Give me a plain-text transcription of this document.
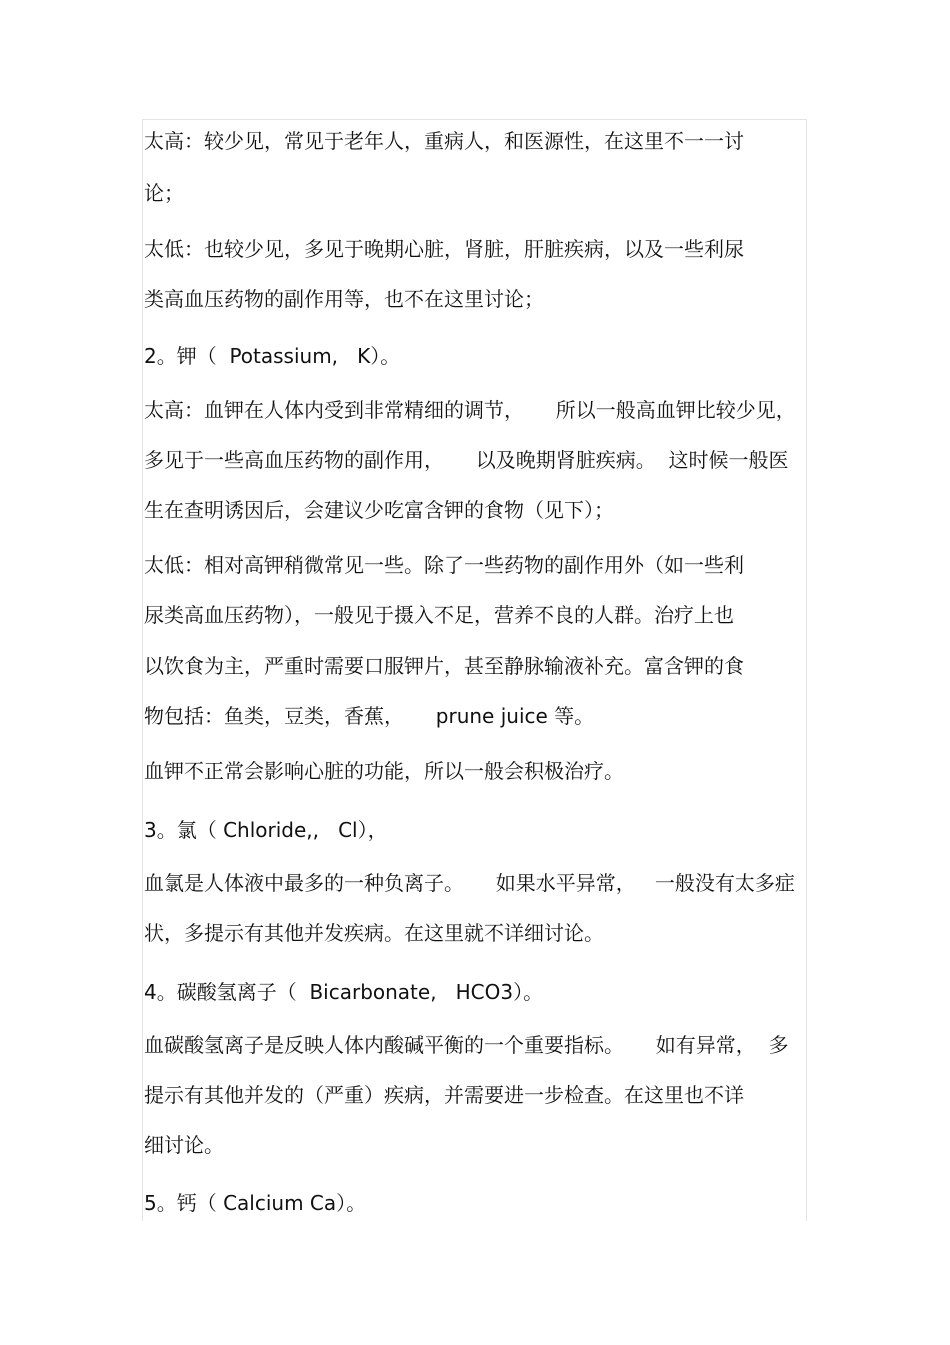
太高：较少见，常见于老年人，重病人，和医源性，在这里不一一讨

论；

太低：也较少见，多见于晚期心脏，肾脏，肝脏疾病，以及一些利尿

类高血压药物的副作用等，也不在这里讨论；

2。钾（  Potassium,   K）。

太高：血钾在人体内受到非常精细的调节，     所以一般高血钾比较少见，

多见于一些高血压药物的副作用，     以及晚期肾脏疾病。  这时候一般医

生在查明诱因后，会建议少吃富含钾的食物（见下）；

太低：相对高钾稍微常见一些。除了一些药物的副作用外（如一些利

尿类高血压药物），一般见于摄入不足，营养不良的人群。治疗上也

以饮食为主，严重时需要口服钾片，甚至静脉输液补充。富含钾的食

物包括：鱼类，豆类，香蕉，     prune juice 等。

血钾不正常会影响心脏的功能，所以一般会积极治疗。

3。氯（ Chloride,,   Cl），

血氯是人体液中最多的一种负离子。     如果水平异常，   一般没有太多症

状，多提示有其他并发疾病。在这里就不详细讨论。

4。碳酸氢离子（  Bicarbonate,   HCO3）。

血碳酸氢离子是反映人体内酸碱平衡的一个重要指标。     如有异常，  多

提示有其他并发的（严重）疾病，并需要进一步检查。在这里也不详

细讨论。

5。钙（ Calcium Ca）。
